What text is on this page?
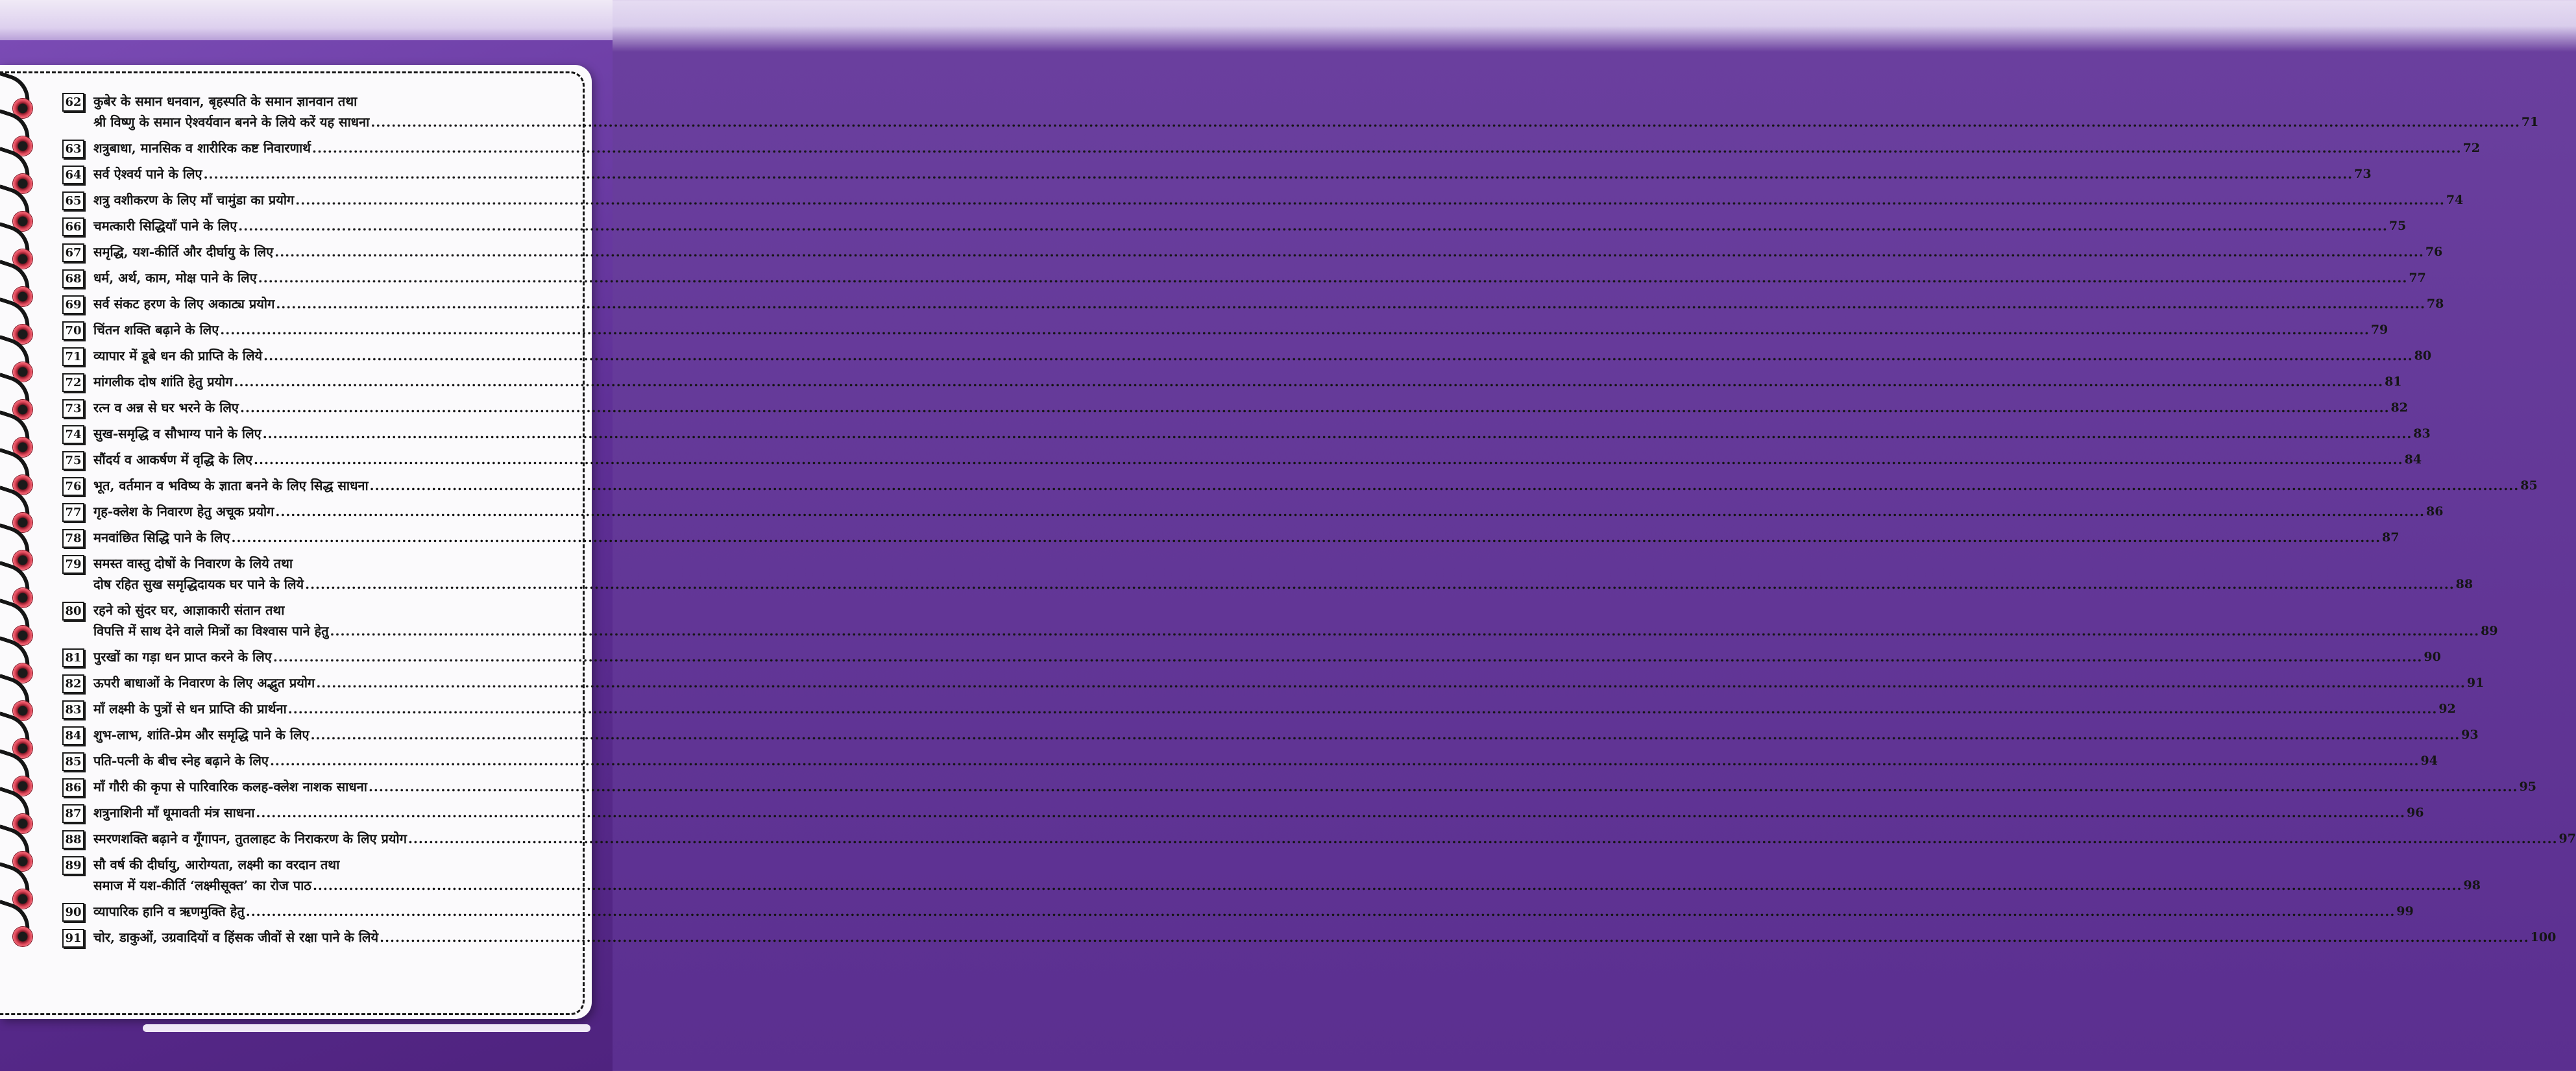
62 कुबेर के समान धनवान, बृहस्पति के समान ज्ञानवान तथा
श्री विष्णु के समान ऐश्वर्यवान बनने के लिये करें यह साधना .....	71
63 शत्रुबाधा, मानसिक व शारीरिक कष्ट निवारणार्थ .....	72
64 सर्व ऐश्वर्य पाने के लिए .....	73
65 शत्रु वशीकरण के लिए माँ चामुंडा का प्रयोग .....	74
66 चमत्कारी सिद्धियाँ पाने के लिए .....	75
67 समृद्धि, यश-कीर्ति और दीर्घायु के लिए .....	76
68 धर्म, अर्थ, काम, मोक्ष पाने के लिए .....	77
69 सर्व संकट हरण के लिए अकाट्य प्रयोग .....	78
70 चिंतन शक्ति बढ़ाने के लिए .....	79
71 व्यापार में डूबे धन की प्राप्ति के लिये .....	80
72 मांगलीक दोष शांति हेतु प्रयोग .....	81
73 रत्न व अन्न से घर भरने के लिए .....	82
74 सुख-समृद्धि व सौभाग्य पाने के लिए .....	83
75 सौंदर्य व आकर्षण में वृद्धि के लिए .....	84
76 भूत, वर्तमान व भविष्य के ज्ञाता बनने के लिए सिद्ध साधना .....	85
77 गृह-क्लेश के निवारण हेतु अचूक प्रयोग .....	86
78 मनवांछित सिद्धि पाने के लिए .....	87
79 समस्त वास्तु दोषों के निवारण के लिये तथा
दोष रहित सुख समृद्धिदायक घर पाने के लिये .....	88
80 रहने को सुंदर घर, आज्ञाकारी संतान तथा
विपत्ति में साथ देने वाले मित्रों का विश्वास पाने हेतु .....	89
81 पुरखों का गड़ा धन प्राप्त करने के लिए .....	90
82 ऊपरी बाधाओं के निवारण के लिए अद्भुत प्रयोग .....	91
83 माँ लक्ष्मी के पुत्रों से धन प्राप्ति की प्रार्थना .....	92
84 शुभ-लाभ, शांति-प्रेम और समृद्धि पाने के लिए .....	93
85 पति-पत्नी के बीच स्नेह बढ़ाने के लिए .....	94
86 माँ गौरी की कृपा से पारिवारिक कलह-क्लेश नाशक साधना .....	95
87 शत्रुनाशिनी माँ धूमावती मंत्र साधना .....	96
88 स्मरणशक्ति बढ़ाने व गूँगापन, तुतलाहट के निराकरण के लिए प्रयोग .....	97
89 सौ वर्ष की दीर्घायु, आरोग्यता, लक्ष्मी का वरदान तथा
समाज में यश-कीर्ति ‘लक्ष्मीसूक्त’ का रोज पाठ .....	98
90 व्यापारिक हानि व ऋणमुक्ति हेतु .....	99
91 चोर, डाकुओं, उग्रवादियों व हिंसक जीवों से रक्षा पाने के लिये .....	100
